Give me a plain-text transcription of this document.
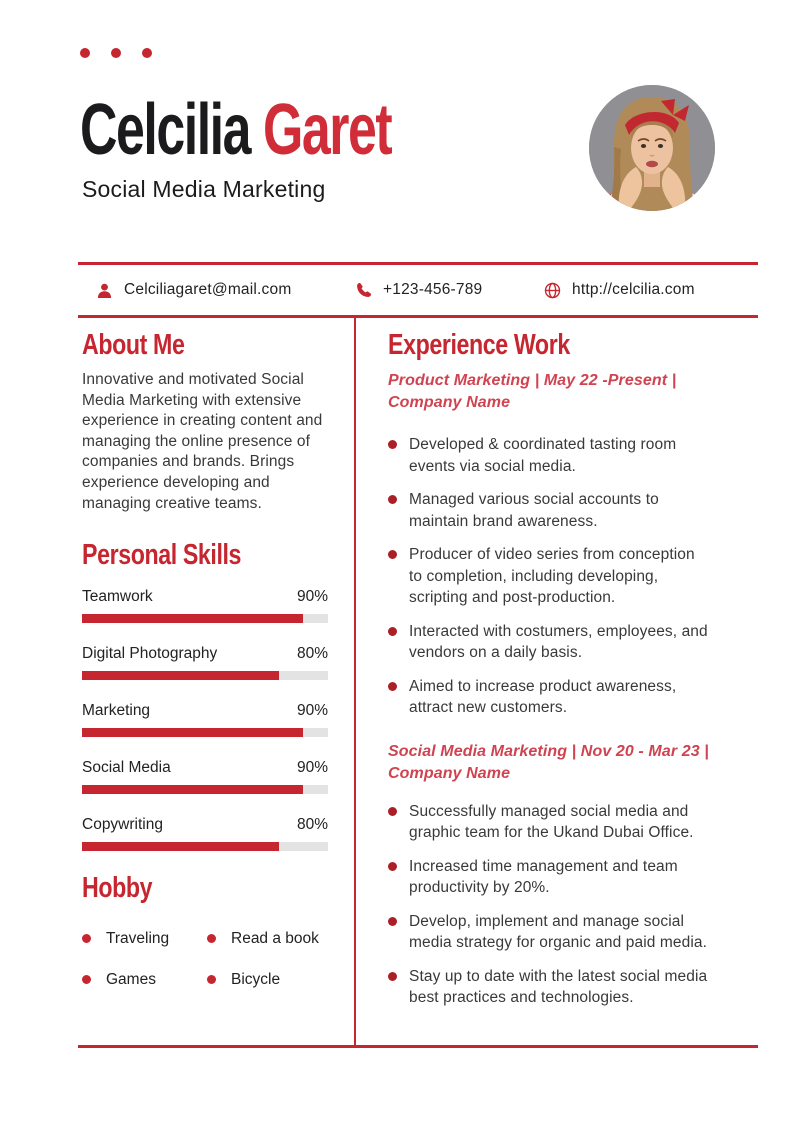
Celcilia Garet
Social Media Marketing
Celciliagaret@mail.com	+123-456-789	http://celcilia.com
About Me
Innovative and motivated Social Media Marketing with extensive experience in creating content and managing the online presence of companies and brands. Brings experience developing and managing creative teams.
Personal Skills
Teamwork	90%
Digital Photography	80%
Marketing	90%
Social Media	90%
Copywriting	80%
Hobby
Traveling	Read a book
Games	Bicycle
Experience Work
Product Marketing | May 22 -Present |
Company Name
Developed & coordinated tasting room events via social media.
Managed various social accounts to maintain brand awareness.
Producer of video series from conception to completion, including developing, scripting and post-production.
Interacted with costumers, employees, and vendors on a daily basis.
Aimed to increase product awareness, attract new customers.
Social Media Marketing | Nov 20 - Mar 23 |
Company Name
Successfully managed social media and graphic team for the Ukand Dubai Office.
Increased time management and team productivity by 20%.
Develop, implement and manage social media strategy for organic and paid media.
Stay up to date with the latest social media best practices and technologies.
